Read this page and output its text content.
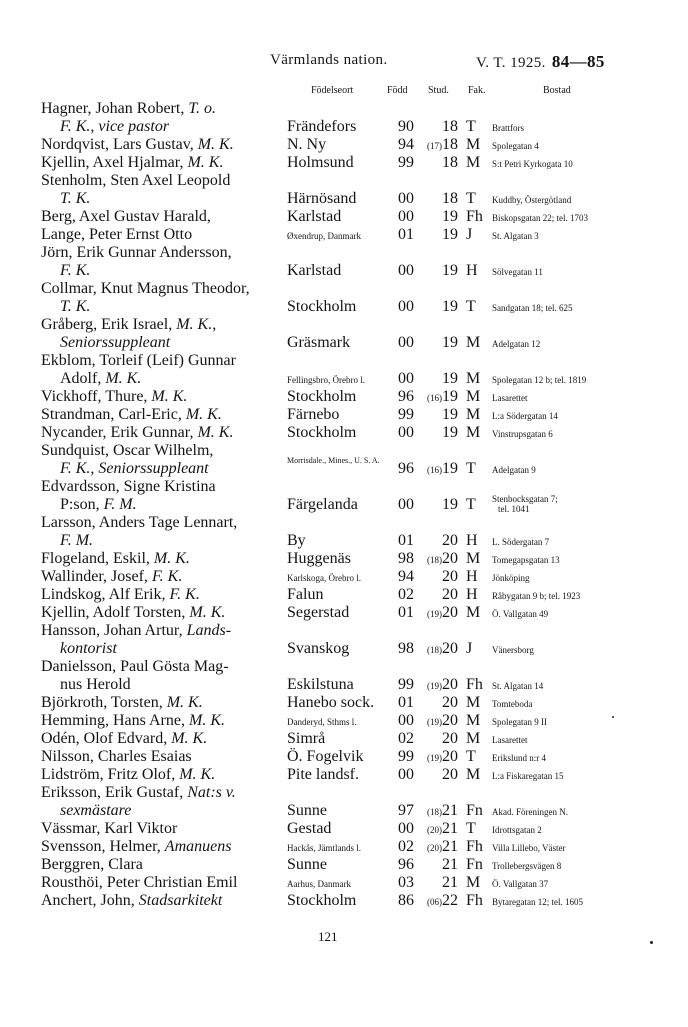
Värmlands nation.	V. T. 1925. 84—85
Födelseort	Född Stud. Fak.	Bostad
Hagner, Johan Robert, T. o.
F. K., vice pastor	Frändefors	90	18 T Brattfors
Nordqvist, Lars Gustav, M. K.	N. Ny	94 (17)18 M Spolegatan 4
Kjellin, Axel Hjalmar, M. K.	Holmsund	99	18 M S:t Petri Kyrkogata 10
Stenholm, Sten Axel Leopold
T. K.	Härnösand	00	18 T Kuddby, Östergötland
Berg, Axel Gustav Harald,	Karlstad	00	19 Fh Biskopsgatan 22; tel. 1703
Lange, Peter Ernst Otto	Øxendrup, Danmark 01	19 J St. Algatan 3
Jörn, Erik Gunnar Andersson,
F. K.	Karlstad	00	19 H Sölvegatan 11
Collmar, Knut Magnus Theodor,
T. K.	Stockholm	00	19 T Sandgatan 18; tel. 625
Gråberg, Erik Israel, M. K.,
Seniorssuppleant	Gräsmark	00	19 M Adelgatan 12
Ekblom, Torleif (Leif) Gunnar
Adolf, M. K.	Fellingsbro, Örebro l. 00	19 M Spolegatan 12 b; tel. 1819
Vickhoff, Thure, M. K.	Stockholm	96 (16)19 M Lasarettet
Strandman, Carl-Eric, M. K.	Färnebo	99	19 M L:a Södergatan 14
Nycander, Erik Gunnar, M. K.	Stockholm	00	19 M Vinstrupsgatan 6
Sundquist, Oscar Wilhelm,
F. K., Seniorssuppleant	Morrisdale., Mines., U. S. A.	96 (16)19 T Adelgatan 9
Edvardsson, Signe Kristina
P:son, F. M.	Färgelanda	00	19 T Stenbocksgatan 7;
tel. 1041
Larsson, Anders Tage Lennart,
F. M.	By	01	20 H L. Södergatan 7
Flogeland, Eskil, M. K.	Huggenäs	98 (18)20 M Tomegapsgatan 13
Wallinder, Josef, F. K.	Karlskoga, Örebro l. 94	20 H Jönköping
Lindskog, Alf Erik, F. K.	Falun	02	20 H Råbygatan 9 b; tel. 1923
Kjellin, Adolf Torsten, M. K.	Segerstad	01 (19)20 M Ö. Vallgatan 49
Hansson, Johan Artur, Lands-
kontorist	Svanskog	98 (18)20 J Vänersborg
Danielsson, Paul Gösta Mag-
nus Herold	Eskilstuna	99 (19)20 Fh St. Algatan 14
Björkroth, Torsten, M. K.	Hanebo sock. 01	20 M Tomteboda
Hemming, Hans Arne, M. K.	Danderyd, Sthms l.	00 (19)20 M Spolegatan 9 II
Odén, Olof Edvard, M. K.	Simrå	02	20 M Lasarettet
Nilsson, Charles Esaias	Ö. Fogelvik 99 (19)20 T Erikslund n:r 4
Lidström, Fritz Olof, M. K.	Pite landsf. 00	20 M L:a Fiskaregatan 15
Eriksson, Erik Gustaf, Nat:s v.
sexmästare	Sunne	97 (18)21 Fn Akad. Föreningen N.
Vässmar, Karl Viktor	Gestad	00 (20)21 T Idrottsgatan 2
Svensson, Helmer, Amanuens	Hackås, Jämtlands l. 02 (20)21 Fh Villa Lillebo, Väster
Berggren, Clara	Sunne	96	21 Fn Trollebergsvägen 8
Rousthöi, Peter Christian Emil	Aarhus, Danmark	03	21 M Ö. Vallgatan 37
Anchert, John, Stadsarkitekt	Stockholm	86 (06)22 Fh Bytaregatan 12; tel. 1605
121
